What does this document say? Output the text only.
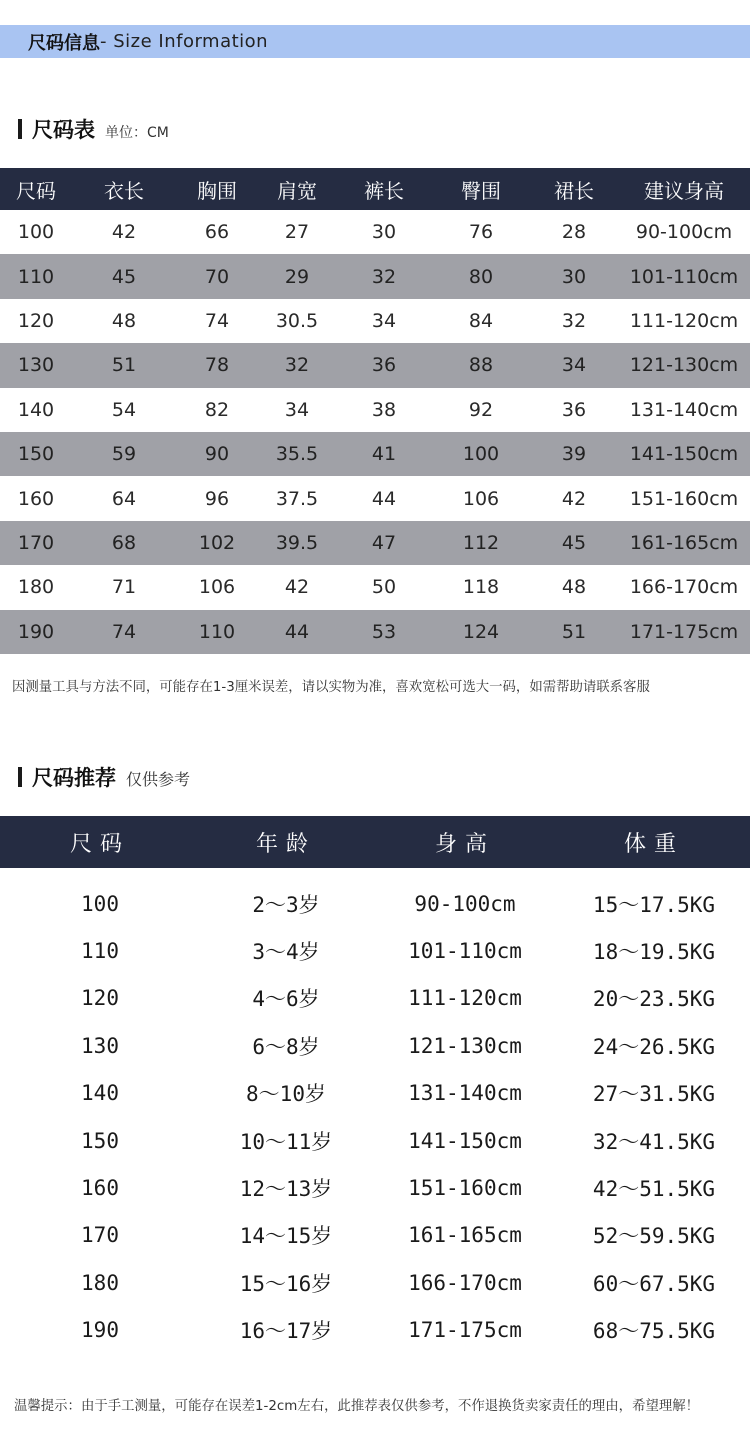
尺码信息 - Size Information
尺码表 单位：CM
尺码	衣长	胸围	肩宽	裤长	臀围	裙长	建议身高
100	42	66	27	30	76	28	90-100cm
110	45	70	29	32	80	30	101-110cm
120	48	74	30.5	34	84	32	111-120cm
130	51	78	32	36	88	34	121-130cm
140	54	82	34	38	92	36	131-140cm
150	59	90	35.5	41	100	39	141-150cm
160	64	96	37.5	44	106	42	151-160cm
170	68	102	39.5	47	112	45	161-165cm
180	71	106	42	50	118	48	166-170cm
190	74	110	44	53	124	51	171-175cm
因测量工具与方法不同，可能存在1-3厘米误差，请以实物为准，喜欢宽松可选大一码，如需帮助请联系客服
尺码推荐 仅供参考
尺码	年龄	身高	体重
100	2～3岁	90-100cm	15～17.5KG
110	3～4岁	101-110cm	18～19.5KG
120	4～6岁	111-120cm	20～23.5KG
130	6～8岁	121-130cm	24～26.5KG
140	8～10岁	131-140cm	27～31.5KG
150	10～11岁	141-150cm	32～41.5KG
160	12～13岁	151-160cm	42～51.5KG
170	14～15岁	161-165cm	52～59.5KG
180	15～16岁	166-170cm	60～67.5KG
190	16～17岁	171-175cm	68～75.5KG
温馨提示：由于手工测量，可能存在误差1-2cm左右，此推荐表仅供参考，不作退换货卖家责任的理由，希望理解！
